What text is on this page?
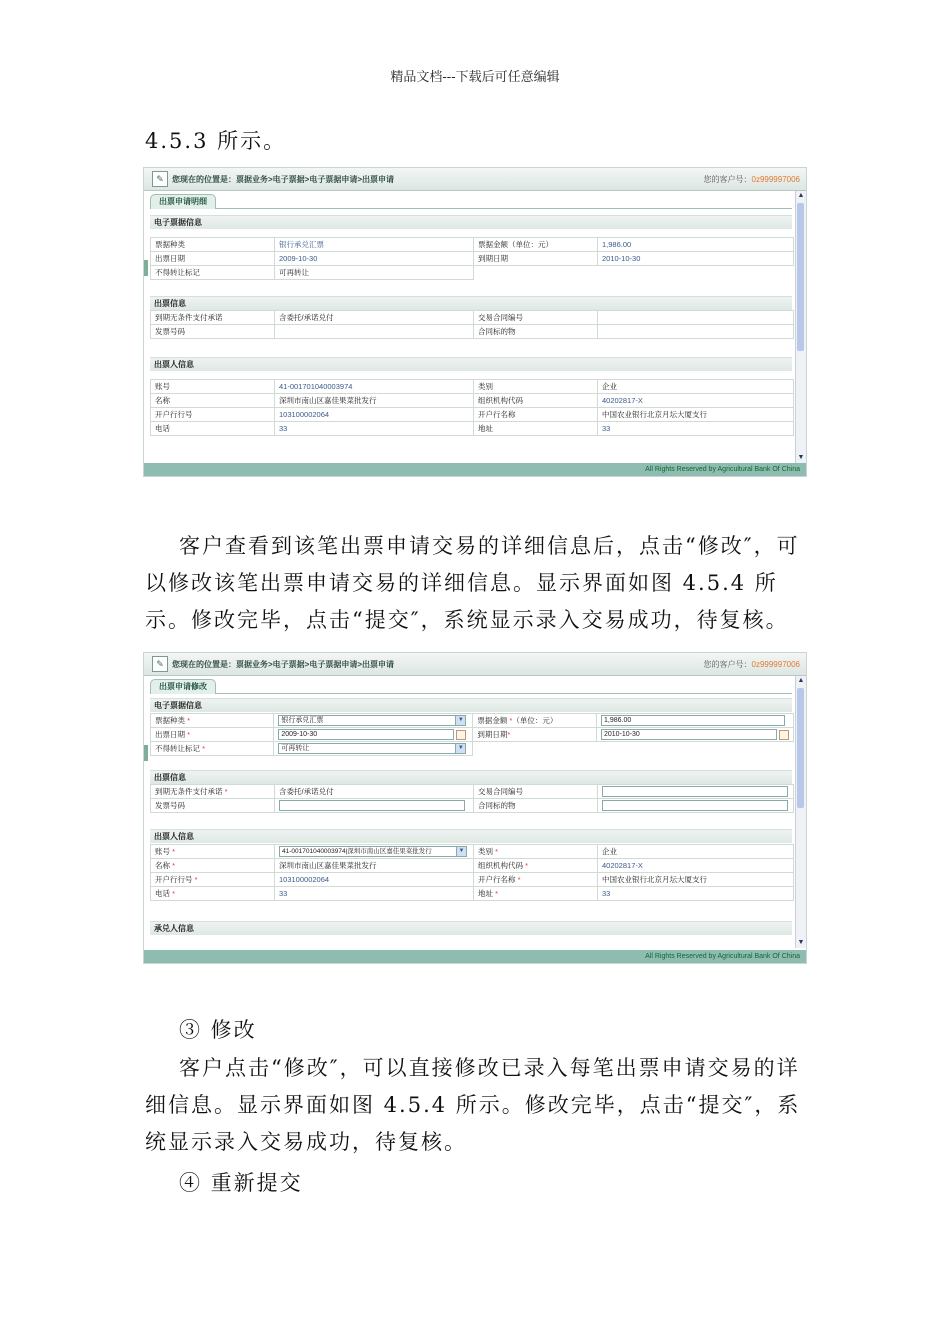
精品文档---下载后可任意编辑
4.5.3 所示。
✎	您现在的位置是：票据业务>电子票据>电子票据申请>出票申请	您的客户号：0z999997006
出票申请明细
电子票据信息
票据种类	银行承兑汇票	票据金额（单位：元）	1,986.00
出票日期	2009-10-30	到期日期	2010-10-30
不得转让标记	可再转让		
出票信息
到期无条件支付承诺	含委托/承诺兑付	交易合同编号	
发票号码		合同标的物	
出票人信息
账号	41-001701040003974	类别	企业
名称	深圳市南山区嘉佳果菜批发行	组织机构代码	40202817-X
开户行行号	103100002064	开户行名称	中国农业银行北京月坛大厦支行
电话	33	地址	33
▲
▼
All Rights Reserved by Agricultural Bank Of China
客户查看到该笔出票申请交易的详细信息后，点击“修改″，可以修改该笔出票申请交易的详细信息。显示界面如图 4.5.4 所示。修改完毕，点击“提交″，系统显示录入交易成功，待复核。
✎	您现在的位置是：票据业务>电子票据>电子票据申请>出票申请	您的客户号：0z999997006
出票申请修改
电子票据信息
票据种类 *	银行承兑汇票 ▼	票据金额 *（单位：元）	1,986.00
出票日期 *	2009-10-30	到期日期*	2010-10-30
不得转让标记 *	可再转让 ▼		
出票信息
到期无条件支付承诺 *	含委托/承诺兑付	交易合同编号	
发票号码		合同标的物	
出票人信息
账号 *	41-001701040003974|深圳市南山区嘉佳果菜批发行 ▼	类别 *	企业
名称 *	深圳市南山区嘉佳果菜批发行	组织机构代码 *	40202817-X
开户行行号 *	103100002064	开户行名称 *	中国农业银行北京月坛大厦支行
电话 *	33	地址 *	33
承兑人信息
▲
▼
All Rights Reserved by Agricultural Bank Of China
③ 修改
客户点击“修改″，可以直接修改已录入每笔出票申请交易的详细信息。显示界面如图 4.5.4 所示。修改完毕，点击“提交″，系统显示录入交易成功，待复核。
④ 重新提交
